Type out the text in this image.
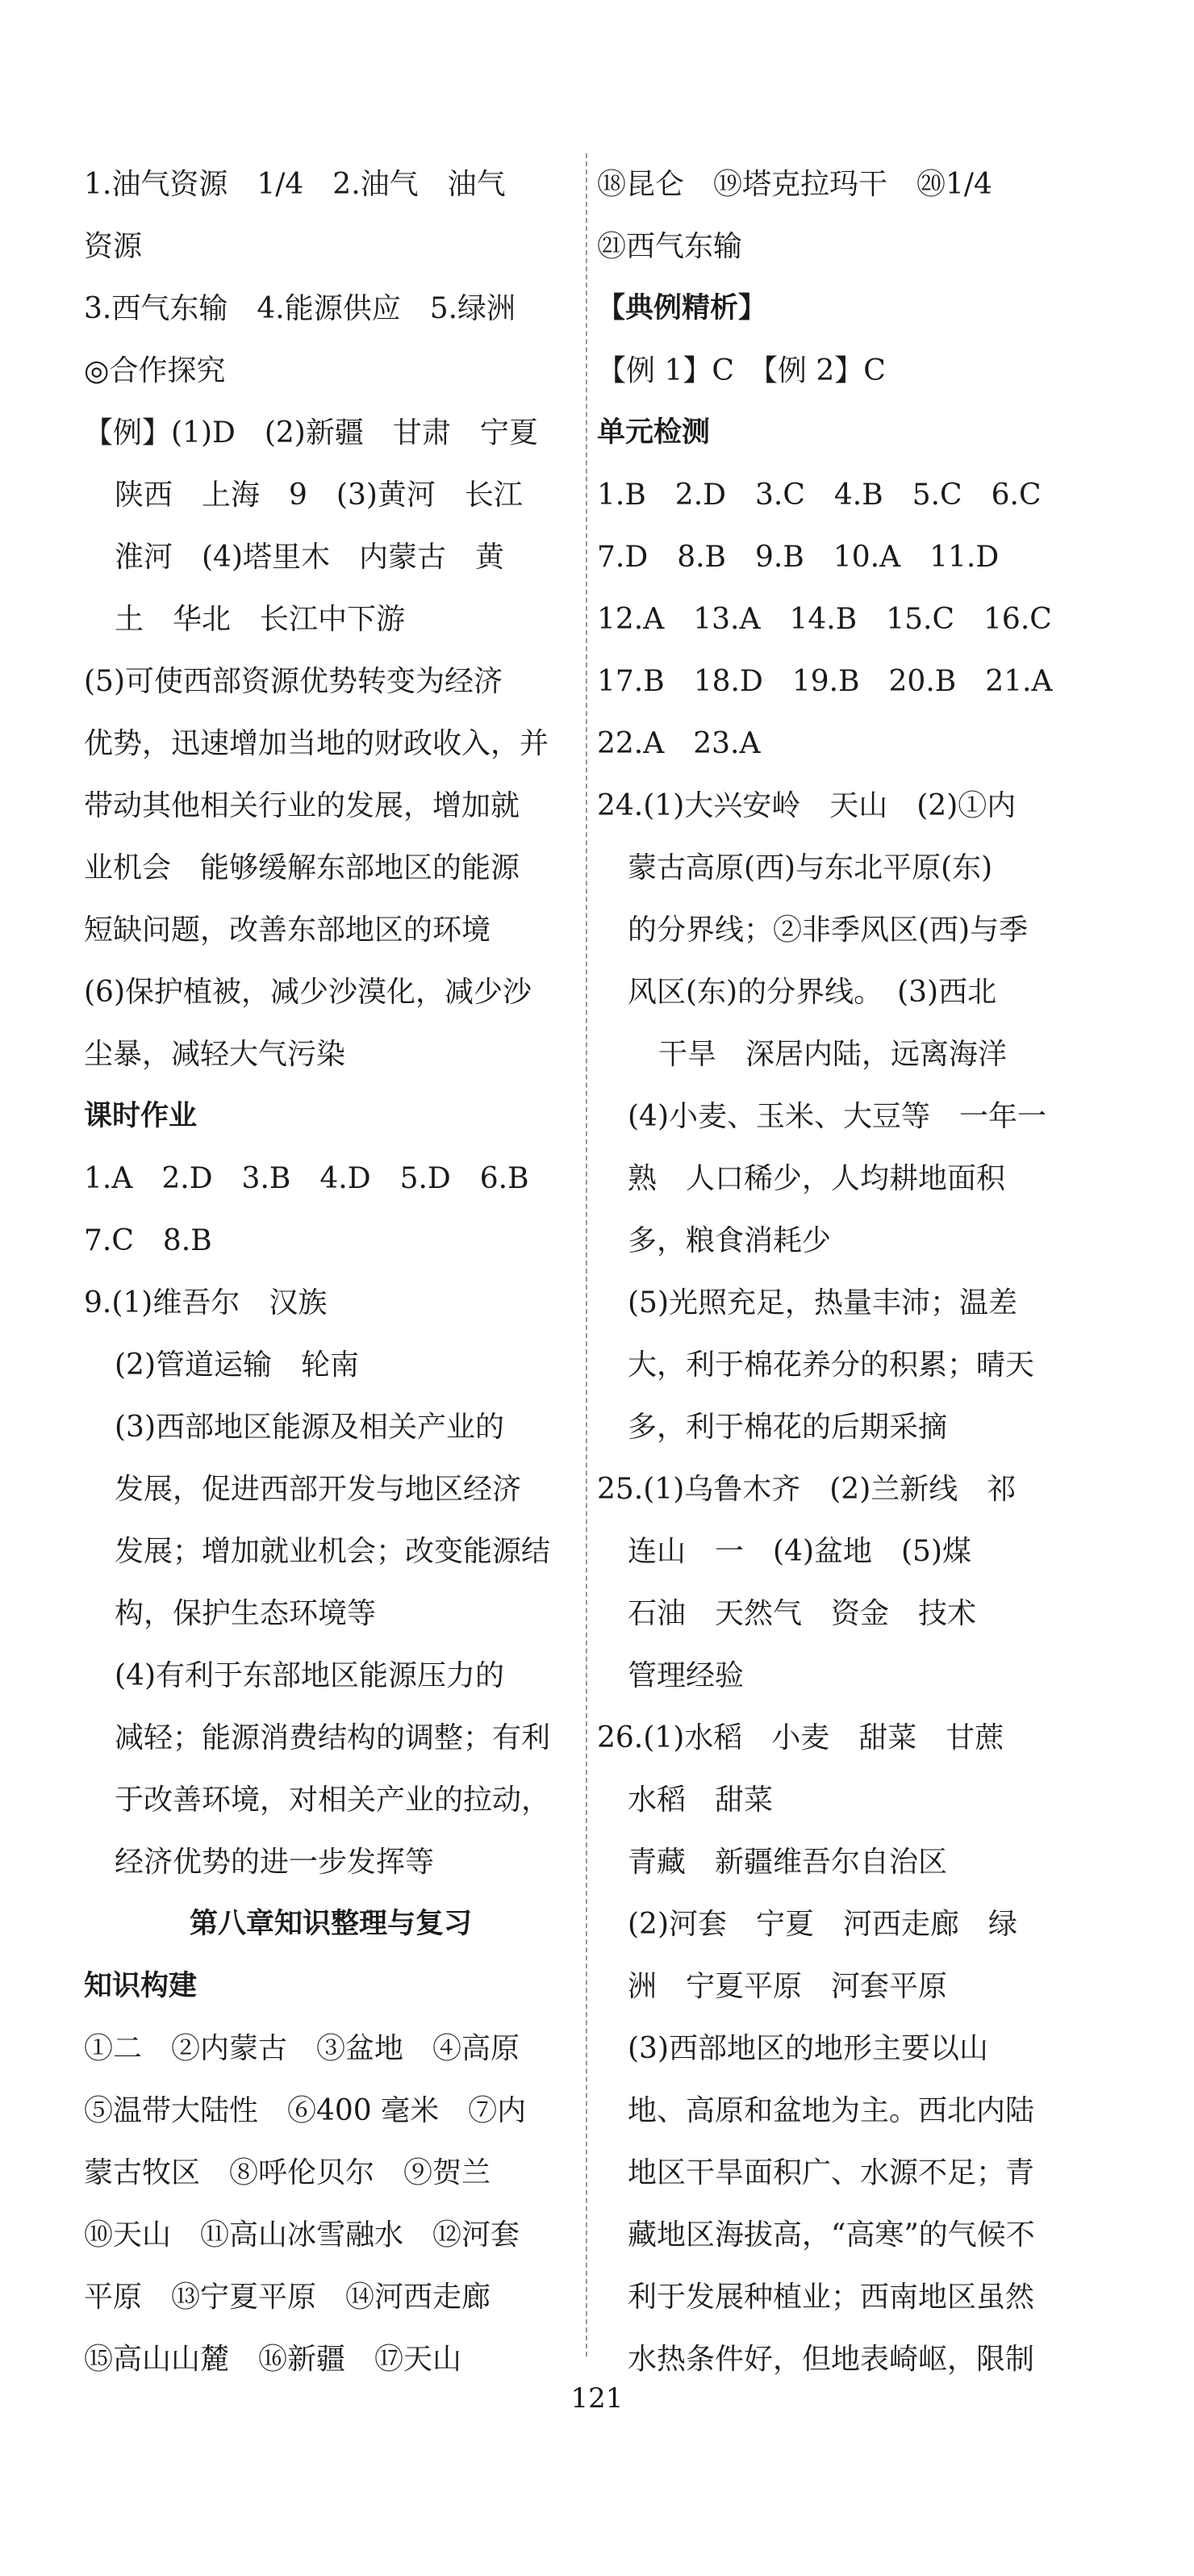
1.油气资源　1/4　2.油气　油气
资源
3.西气东输　4.能源供应　5.绿洲
◎合作探究
【例】(1)D　(2)新疆　甘肃　宁夏
陕西　上海　9　(3)黄河　长江
淮河　(4)塔里木　内蒙古　黄
土　华北　长江中下游
(5)可使西部资源优势转变为经济
优势，迅速增加当地的财政收入，并
带动其他相关行业的发展，增加就
业机会　能够缓解东部地区的能源
短缺问题，改善东部地区的环境
(6)保护植被，减少沙漠化，减少沙
尘暴，减轻大气污染
课时作业
1.A　2.D　3.B　4.D　5.D　6.B
7.C　8.B
9.(1)维吾尔　汉族
(2)管道运输　轮南
(3)西部地区能源及相关产业的
发展，促进西部开发与地区经济
发展；增加就业机会；改变能源结
构，保护生态环境等
(4)有利于东部地区能源压力的
减轻；能源消费结构的调整；有利
于改善环境，对相关产业的拉动，
经济优势的进一步发挥等
第八章知识整理与复习
知识构建
①二　②内蒙古　③盆地　④高原
⑤温带大陆性　⑥400 毫米　⑦内
蒙古牧区　⑧呼伦贝尔　⑨贺兰
⑩天山　⑪高山冰雪融水　⑫河套
平原　⑬宁夏平原　⑭河西走廊
⑮高山山麓　⑯新疆　⑰天山
⑱昆仑　⑲塔克拉玛干　⑳1/4
㉑西气东输
【典例精析】
【例 1】C　【例 2】C
单元检测
1.B　2.D　3.C　4.B　5.C　6.C
7.D　8.B　9.B　10.A　11.D
12.A　13.A　14.B　15.C　16.C
17.B　18.D　19.B　20.B　21.A
22.A　23.A
24.(1)大兴安岭　天山　(2)①内
蒙古高原(西)与东北平原(东)
的分界线；②非季风区(西)与季
风区(东)的分界线。　(3)西北
干旱　深居内陆，远离海洋
(4)小麦、玉米、大豆等　一年一
熟　人口稀少，人均耕地面积
多，粮食消耗少
(5)光照充足，热量丰沛；温差
大，利于棉花养分的积累；晴天
多，利于棉花的后期采摘
25.(1)乌鲁木齐　(2)兰新线　祁
连山　一　(4)盆地　(5)煤
石油　天然气　资金　技术
管理经验
26.(1)水稻　小麦　甜菜　甘蔗
水稻　甜菜
青藏　新疆维吾尔自治区
(2)河套　宁夏　河西走廊　绿
洲　宁夏平原　河套平原
(3)西部地区的地形主要以山
地、高原和盆地为主。西北内陆
地区干旱面积广、水源不足；青
藏地区海拔高，“高寒”的气候不
利于发展种植业；西南地区虽然
水热条件好，但地表崎岖，限制
121
